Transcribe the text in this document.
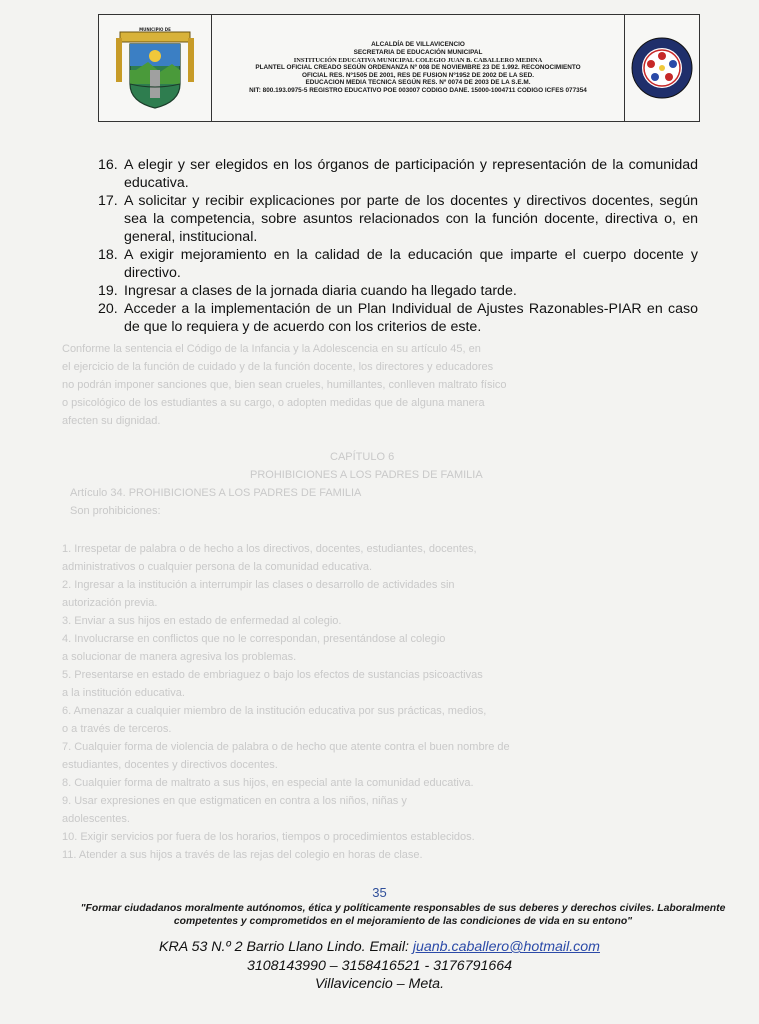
Conforme la sentencia el Código de la Infancia y la Adolescencia en su artículo 45, en
el ejercicio de la función de cuidado y de la función docente, los directores y educadores
no podrán imponer sanciones que, bien sean crueles, humillantes, conlleven maltrato físico
o psicológico de los estudiantes a su cargo, o adopten medidas que de alguna manera
afecten su dignidad.
CAPÍTULO 6
PROHIBICIONES A LOS PADRES DE FAMILIA
Artículo 34. PROHIBICIONES A LOS PADRES DE FAMILIA
Son prohibiciones:
1. Irrespetar de palabra o de hecho a los directivos, docentes, estudiantes, docentes,
administrativos o cualquier persona de la comunidad educativa.
2. Ingresar a la institución a interrumpir las clases o desarrollo de actividades sin
autorización previa.
3. Enviar a sus hijos en estado de enfermedad al colegio.
4. Involucrarse en conflictos que no le correspondan, presentándose al colegio
a solucionar de manera agresiva los problemas.
5. Presentarse en estado de embriaguez o bajo los efectos de sustancias psicoactivas
a la institución educativa.
6. Amenazar a cualquier miembro de la institución educativa por sus prácticas, medios,
o a través de terceros.
7. Cualquier forma de violencia de palabra o de hecho que atente contra el buen nombre de
estudiantes, docentes y directivos docentes.
8. Cualquier forma de maltrato a sus hijos, en especial ante la comunidad educativa.
9. Usar expresiones en que estigmaticen en contra a los niños, niñas y
adolescentes.
10. Exigir servicios por fuera de los horarios, tiempos o procedimientos establecidos.
11. Atender a sus hijos a través de las rejas del colegio en horas de clase.
MUNICIPIO DE
ALCALDÍA DE VILLAVICENCIO
SECRETARIA DE EDUCACIÓN MUNICIPAL
INSTITUCIÓN EDUCATIVA MUNICIPAL COLEGIO JUAN B. CABALLERO MEDINA
PLANTEL OFICIAL CREADO SEGÚN ORDENANZA Nº 008 DE NOVIEMBRE 23 DE 1.992. RECONOCIMIENTO
OFICIAL RES. Nº1505 DE 2001, RES DE FUSION Nº1952 DE 2002 DE LA SED.
EDUCACION MEDIA TECNICA SEGÚN RES. Nº 0074 DE 2003 DE LA S.E.M.
NIT: 800.193.0975-5 REGISTRO EDUCATIVO POE 003007 CODIGO DANE. 15000-1004711 CODIGO ICFES 077354
16. A elegir y ser elegidos en los órganos de participación y representación de la comunidad educativa.
17. A solicitar y recibir explicaciones por parte de los docentes y directivos docentes, según sea la competencia, sobre asuntos relacionados con la función docente, directiva o, en general, institucional.
18. A exigir mejoramiento en la calidad de la educación que imparte el cuerpo docente y directivo.
19. Ingresar a clases de la jornada diaria cuando ha llegado tarde.
20. Acceder a la implementación de un Plan Individual de Ajustes Razonables-PIAR en caso de que lo requiera y de acuerdo con los criterios de este.
35
"Formar ciudadanos moralmente autónomos, ética y políticamente responsables de sus deberes y derechos civiles. Laboralmente competentes y comprometidos en el mejoramiento de las condiciones de vida en su entono"
KRA 53 N.º 2 Barrio Llano Lindo. Email: juanb.caballero@hotmail.com
3108143990 – 3158416521 - 3176791664
Villavicencio – Meta.
